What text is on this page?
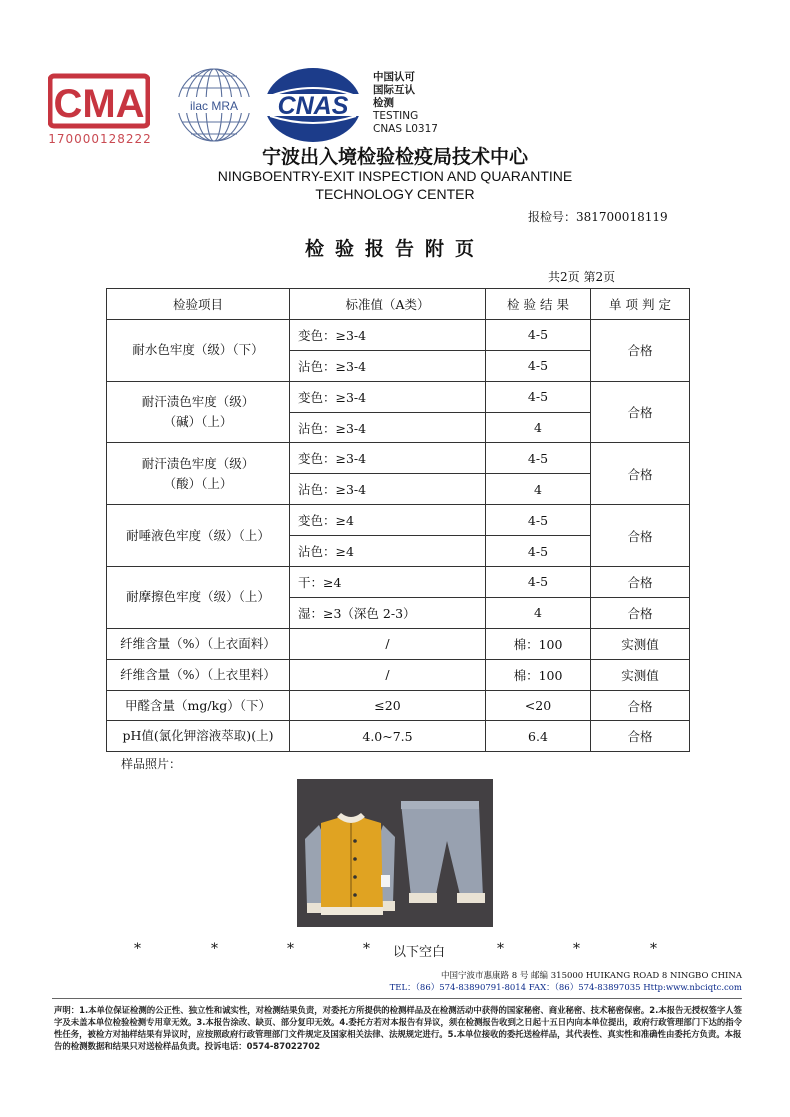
CMA
170000128222
ilac MRA CNAS
中国认可
国际互认
检测
TESTING
CNAS L0317
宁波出入境检验检疫局技术中心
NINGBOENTRY-EXIT INSPECTION AND QUARANTINE
TECHNOLOGY CENTER
报检号：381700018119
检验报告附页
共2页 第2页
检验项目	标准值（A类）	检 验 结 果	单 项 判 定
耐水色牢度（级）（下）	变色：≥3-4	4-5	合格
	沾色：≥3-4	4-5	

耐汗渍色牢度（级）
（碱）（上）	变色：≥3-4	4-5	合格
	沾色：≥3-4	4	

耐汗渍色牢度（级）
（酸）（上）	变色：≥3-4	4-5	合格
	沾色：≥3-4	4	
耐唾液色牢度（级）（上）	变色：≥4	4-5	合格
	沾色：≥4	4-5	
耐摩擦色牢度（级）（上）	干：≥4	4-5	合格
	湿：≥3（深色 2-3）	4	合格
纤维含量（%）（上衣面料）	/	棉：100	实测值
纤维含量（%）（上衣里料）	/	棉：100	实测值
甲醛含量（mg/kg）（下）	≤20	<20	合格
pH值(氯化钾溶液萃取)(上)	4.0~7.5	6.4	合格
样品照片：
*	*	*	* 以下空白	*	*	*
中国宁波市惠康路 8 号 邮编 315000 HUIKANG ROAD 8 NINGBO CHINA
TEL：（86）574-83890791-8014 FAX：（86）574-83897035 Http:www.nbciqtc.com
声明：1.本单位保证检测的公正性、独立性和诚实性，对检测结果负责，对委托方所提供的检测样品及在检测活动中获得的国家秘密、商业秘密、技术秘密保密。2.本报告无授权签字人签字及未盖本单位检验检测专用章无效。3.本报告涂改、缺页、部分复印无效。4.委托方若对本报告有异议，须在检测报告收到之日起十五日内向本单位提出，政府行政管理部门下达的指令性任务，被检方对抽样结果有异议时，应按照政府行政管理部门文件规定及国家相关法律、法规规定进行。5.本单位接收的委托送检样品，其代表性、真实性和准确性由委托方负责。本报告的检测数据和结果只对送检样品负责。投诉电话：0574-87022702
